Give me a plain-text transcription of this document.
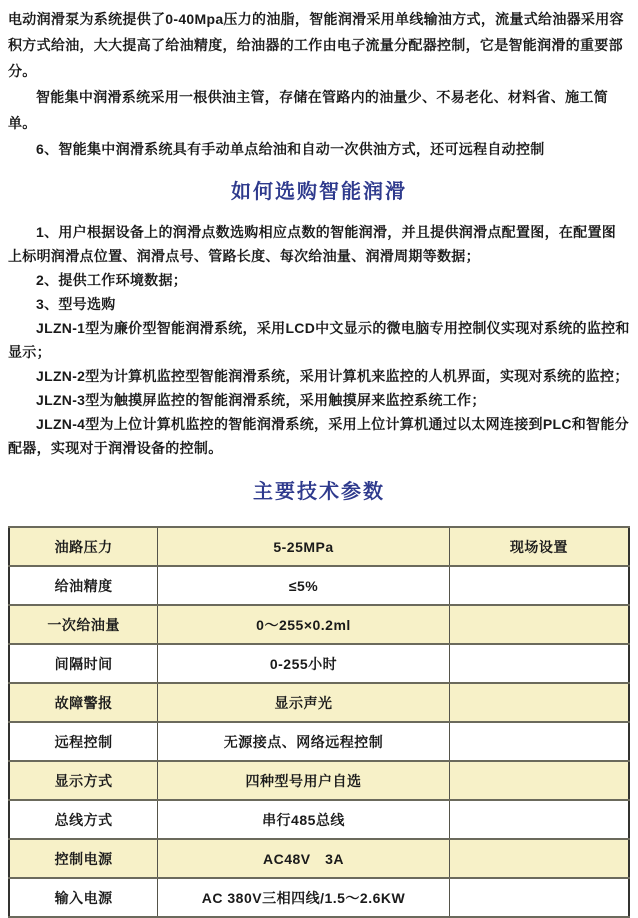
电动润滑泵为系统提供了0-40Mpa压力的油脂，智能润滑采用单线输油方式，流量式给油器采用容积方式给油，大大提高了给油精度，给油器的工作由电子流量分配器控制，它是智能润滑的重要部分。

智能集中润滑系统采用一根供油主管，存储在管路内的油量少、不易老化、材料省、施工简单。

6、智能集中润滑系统具有手动单点给油和自动一次供油方式，还可远程自动控制

如何选购智能润滑

1、用户根据设备上的润滑点数选购相应点数的智能润滑，并且提供润滑点配置图，在配置图上标明润滑点位置、润滑点号、管路长度、每次给油量、润滑周期等数据；

2、提供工作环境数据；

3、型号选购

JLZN-1型为廉价型智能润滑系统，采用LCD中文显示的微电脑专用控制仪实现对系统的监控和显示；

JLZN-2型为计算机监控型智能润滑系统，采用计算机来监控的人机界面，实现对系统的监控；

JLZN-3型为触摸屏监控的智能润滑系统，采用触摸屏来监控系统工作；

JLZN-4型为上位计算机监控的智能润滑系统，采用上位计算机通过以太网连接到PLC和智能分配器，实现对于润滑设备的控制。

主要技术参数
油路压力	5-25MPa	现场设置
给油精度	≤5%	
一次给油量	0～255×0.2ml	
间隔时间	0-255小时	
故障警报	显示声光	
远程控制	无源接点、网络远程控制	
显示方式	四种型号用户自选	
总线方式	串行485总线	
控制电源	AC48V　3A	
输入电源	AC 380V三相四线/1.5～2.6KW	
